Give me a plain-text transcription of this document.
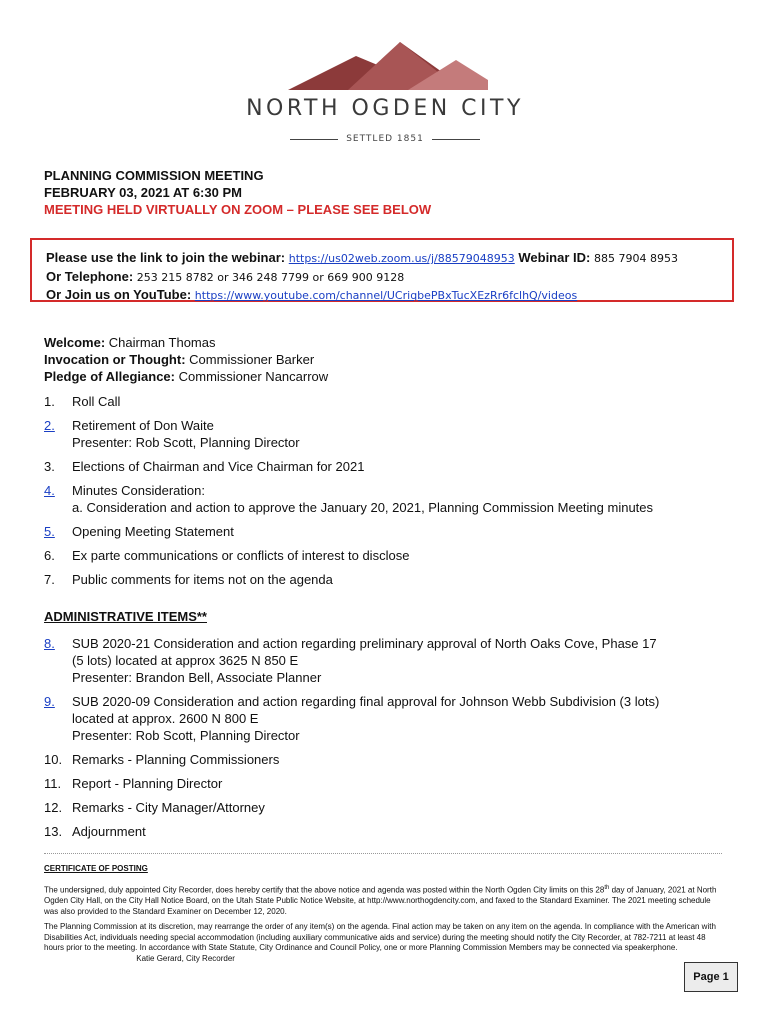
NORTH OGDEN CITY
SETTLED 1851
PLANNING COMMISSION MEETING
FEBRUARY 03, 2021 AT 6:30 PM
MEETING HELD VIRTUALLY ON ZOOM – PLEASE SEE BELOW
Please use the link to join the webinar: https://us02web.zoom.us/j/88579048953 Webinar ID: 885 7904 8953
Or Telephone: 253 215 8782 or 346 248 7799 or 669 900 9128
Or Join us on YouTube: https://www.youtube.com/channel/UCriqbePBxTucXEzRr6fclhQ/videos
Welcome: Chairman Thomas
Invocation or Thought: Commissioner Barker
Pledge of Allegiance: Commissioner Nancarrow
1.	Roll Call
2.	Retirement of Don Waite
Presenter: Rob Scott, Planning Director
3.	Elections of Chairman and Vice Chairman for 2021
4.	Minutes Consideration:
a. Consideration and action to approve the January 20, 2021, Planning Commission Meeting minutes
5.	Opening Meeting Statement
6.	Ex parte communications or conflicts of interest to disclose
7.	Public comments for items not on the agenda
ADMINISTRATIVE ITEMS**
8.	SUB 2020-21 Consideration and action regarding preliminary approval of North Oaks Cove, Phase 17
(5 lots) located at approx 3625 N 850 E
Presenter: Brandon Bell, Associate Planner
9.	SUB 2020-09 Consideration and action regarding final approval for Johnson Webb Subdivision (3 lots)
located at approx. 2600 N 800 E
Presenter: Rob Scott, Planning Director
10. Remarks - Planning Commissioners
11. Report - Planning Director
12. Remarks - City Manager/Attorney
13. Adjournment
CERTIFICATE OF POSTING
The undersigned, duly appointed City Recorder, does hereby certify that the above notice and agenda was posted within the North Ogden City limits on this 28th day of January, 2021 at North Ogden City Hall, on the City Hall Notice Board, on the Utah State Public Notice Website, at http://www.northogdencity.com, and faxed to the Standard Examiner. The 2021 meeting schedule was also provided to the Standard Examiner on December 12, 2020.
The Planning Commission at its discretion, may rearrange the order of any item(s) on the agenda. Final action may be taken on any item on the agenda. In compliance with the American with Disabilities Act, individuals needing special accommodation (including auxiliary communicative aids and service) during the meeting should notify the City Recorder, at 782-7211 at least 48 hours prior to the meeting. In accordance with State Statute, City Ordinance and Council Policy, one or more Planning Commission Members may be connected via speakerphone.  Katie Gerard, City Recorder
Page 1
